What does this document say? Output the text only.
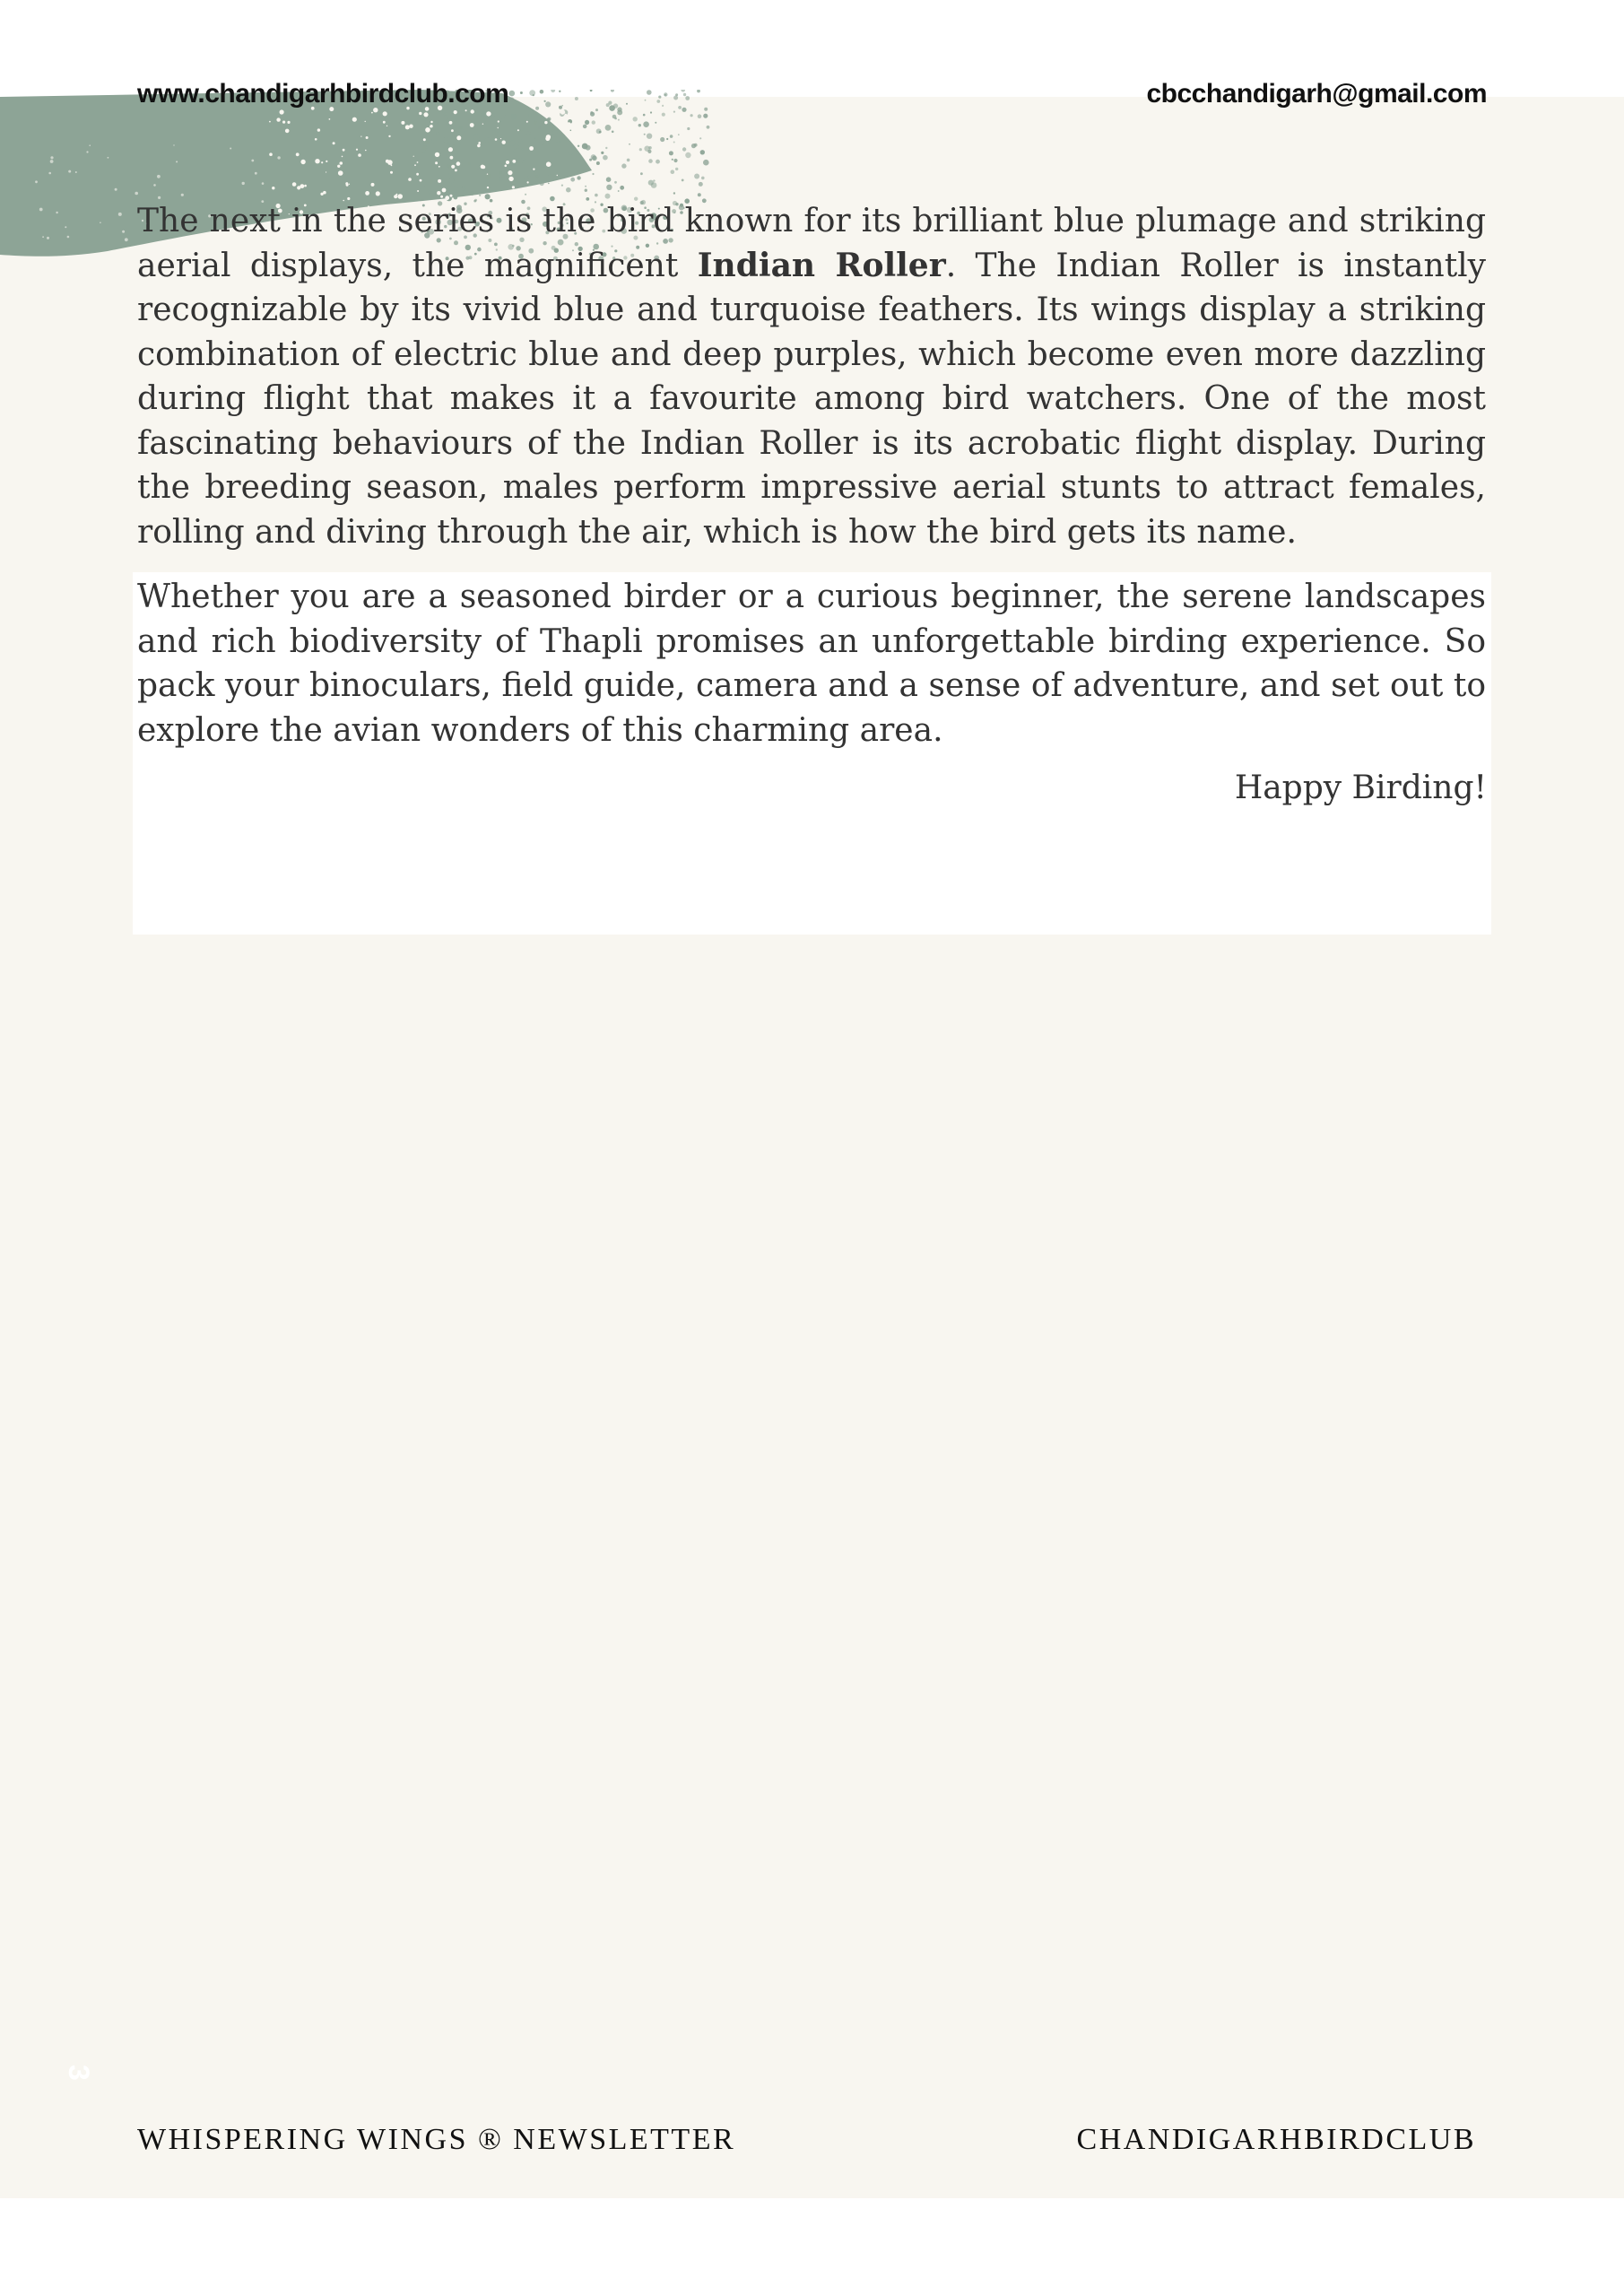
www.chandigarhbirdclub.com	cbcchandigarh@gmail.com

The next in the series is the bird known for its brilliant blue plumage and striking aerial displays, the magnificent Indian Roller. The Indian Roller is instantly recognizable by its vivid blue and turquoise feathers. Its wings display a striking combination of electric blue and deep purples, which become even more dazzling during flight that makes it a favourite among bird watchers. One of the most fascinating behaviours of the Indian Roller is its acrobatic flight display. During the breeding season, males perform impressive aerial stunts to attract females, rolling and diving through the air, which is how the bird gets its name.

Whether you are a seasoned birder or a curious beginner, the serene landscapes and rich biodiversity of Thapli promises an unforgettable birding experience. So pack your binoculars, field guide, camera and a sense of adventure, and set out to explore the avian wonders of this charming area.

Happy Birding!
3
WHISPERING WINGS ® NEWSLETTER	CHANDIGARHBIRDCLUB
